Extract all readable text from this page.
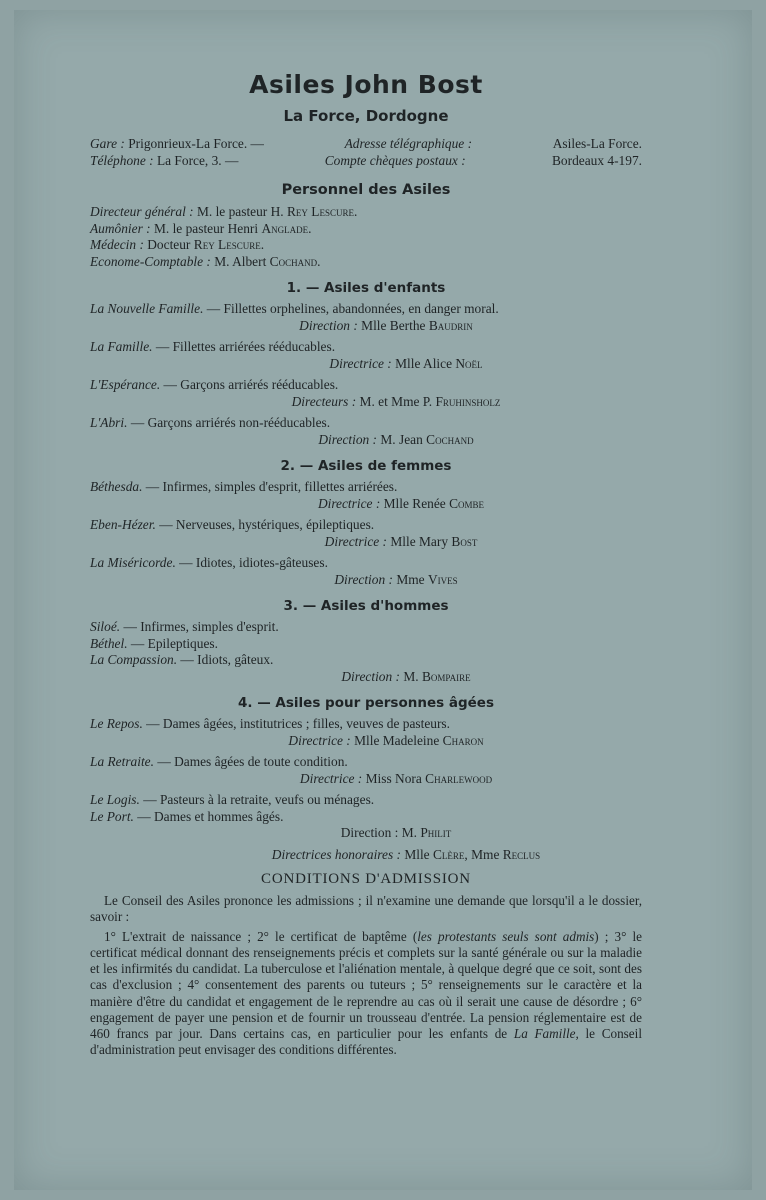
Asiles John Bost
La Force, Dordogne
Gare : Prigonrieux-La Force. —	Adresse télégraphique :	Asiles-La Force.
Téléphone : La Force, 3. —	Compte chèques postaux :	Bordeaux 4-197.
Personnel des Asiles
Directeur général : M. le pasteur H. Rey Lescure.
Aumônier : M. le pasteur Henri Anglade.
Médecin : Docteur Rey Lescure.
Econome-Comptable : M. Albert Cochand.
1. — Asiles d'enfants
La Nouvelle Famille. — Fillettes orphelines, abandonnées, en danger moral.
Direction : Mlle Berthe Baudrin
La Famille. — Fillettes arriérées rééducables.
Directrice : Mlle Alice Noël
L'Espérance. — Garçons arriérés rééducables.
Directeurs : M. et Mme P. Fruhinsholz
L'Abri. — Garçons arriérés non-rééducables.
Direction : M. Jean Cochand
2. — Asiles de femmes
Béthesda. — Infirmes, simples d'esprit, fillettes arriérées.
Directrice : Mlle Renée Combe
Eben-Hézer. — Nerveuses, hystériques, épileptiques.
Directrice : Mlle Mary Bost
La Miséricorde. — Idiotes, idiotes-gâteuses.
Direction : Mme Vives
3. — Asiles d'hommes
Siloé. — Infirmes, simples d'esprit.
Béthel. — Epileptiques.
La Compassion. — Idiots, gâteux.
Direction : M. Bompaire
4. — Asiles pour personnes âgées
Le Repos. — Dames âgées, institutrices ; filles, veuves de pasteurs.
Directrice : Mlle Madeleine Charon
La Retraite. — Dames âgées de toute condition.
Directrice : Miss Nora Charlewood
Le Logis. — Pasteurs à la retraite, veufs ou ménages.
Le Port. — Dames et hommes âgés.
Direction : M. Philit
Directrices honoraires : Mlle Clère, Mme Reclus
CONDITIONS D'ADMISSION
Le Conseil des Asiles prononce les admissions ; il n'examine une demande que lorsqu'il a le dossier, savoir :
1° L'extrait de naissance ; 2° le certificat de baptême (les protestants seuls sont admis) ; 3° le certificat médical donnant des renseignements précis et complets sur la santé générale ou sur la maladie et les infirmités du candidat. La tuberculose et l'aliénation mentale, à quelque degré que ce soit, sont des cas d'exclusion ; 4° consentement des parents ou tuteurs ; 5° renseignements sur le caractère et la manière d'être du candidat et engagement de le reprendre au cas où il serait une cause de désordre ; 6° engagement de payer une pension et de fournir un trousseau d'entrée. La pension réglementaire est de 460 francs par jour. Dans certains cas, en particulier pour les enfants de La Famille, le Conseil d'administration peut envisager des conditions différentes.
